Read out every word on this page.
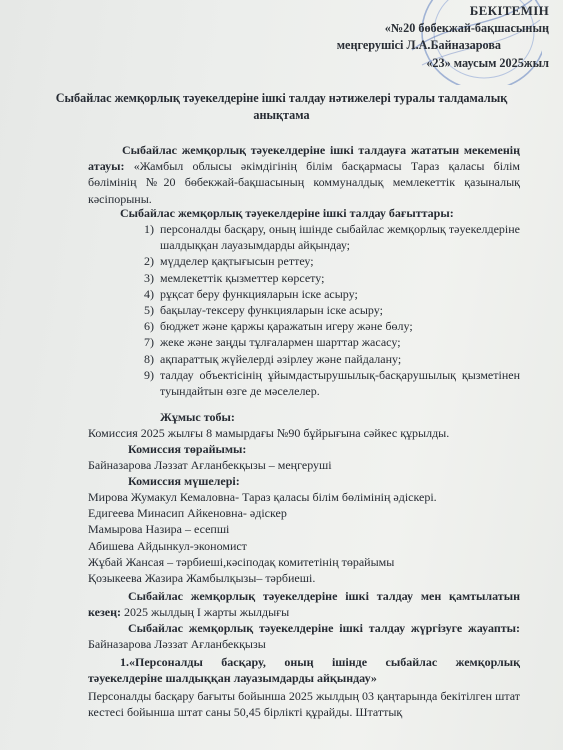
БЕКІТЕМІН
«№20 бөбекжай-бақшасының
меңгерушісі Л.А.Байназарова
«23» маусым 2025жыл
Сыбайлас жемқорлық тәуекелдеріне ішкі талдау нәтижелері туралы талдамалық анықтама
Сыбайлас жемқорлық тәуекелдеріне ішкі талдауға жататын мекеменің атауы: «Жамбыл облысы әкімдігінің білім басқармасы Тараз қаласы білім бөлімінің №20 бөбекжай-бақшасының коммуналдық мемлекеттік қазыналық кәсіпорыны.
Сыбайлас жемқорлық тәуекелдеріне ішкі талдау бағыттары:
1) персоналды басқару, оның ішінде сыбайлас жемқорлық тәуекелдеріне шалдыққан лауазымдарды айқындау;
2) мүдделер қақтығысын реттеу;
3) мемлекеттік қызметтер көрсету;
4) рұқсат беру функцияларын іске асыру;
5) бақылау-тексеру функцияларын іске асыру;
6) бюджет және қаржы қаражатын игеру және бөлу;
7) жеке және заңды тұлғалармен шарттар жасасу;
8) ақпараттық жүйелерді әзірлеу және пайдалану;
9) талдау объектісінің ұйымдастырушылық-басқарушылық қызметінен туындайтын өзге де мәселелер.
Жұмыс тобы:
Комиссия 2025 жылғы 8 мамырдағы №90 бұйрығына сәйкес құрылды.
Комиссия төрайымы:
Байназарова Ләззат Ағланбекқызы – меңгеруші
Комиссия мүшелері:
Мирова Жумакул Кемаловна- Тараз қаласы білім бөлімінің әдіскері.
Едигеева Минасип Айкеновна- әдіскер
Мамырова Назира – есепші
Абишева Айдынкул-экономист
Жұбай Жансая – тәрбиеші,кәсіподақ комитетінің төрайымы
Қозыкеева Жазира Жамбылқызы– тәрбиеші.
Сыбайлас жемқорлық тәуекелдеріне ішкі талдау мен қамтылатын кезең: 2025 жылдың I жарты жылдығы
Сыбайлас жемқорлық тәуекелдеріне ішкі талдау жүргізуге жауапты: Байназарова Ләззат Ағланбекқызы
1.«Персоналды басқару, оның ішінде сыбайлас жемқорлық тәуекелдеріне шалдыққан лауазымдарды айқындау»
Персоналды басқару бағыты бойынша 2025 жылдың 03 қаңтарында бекітілген штат кестесі бойынша штат саны 50,45 бірлікті құрайды. Штаттық
